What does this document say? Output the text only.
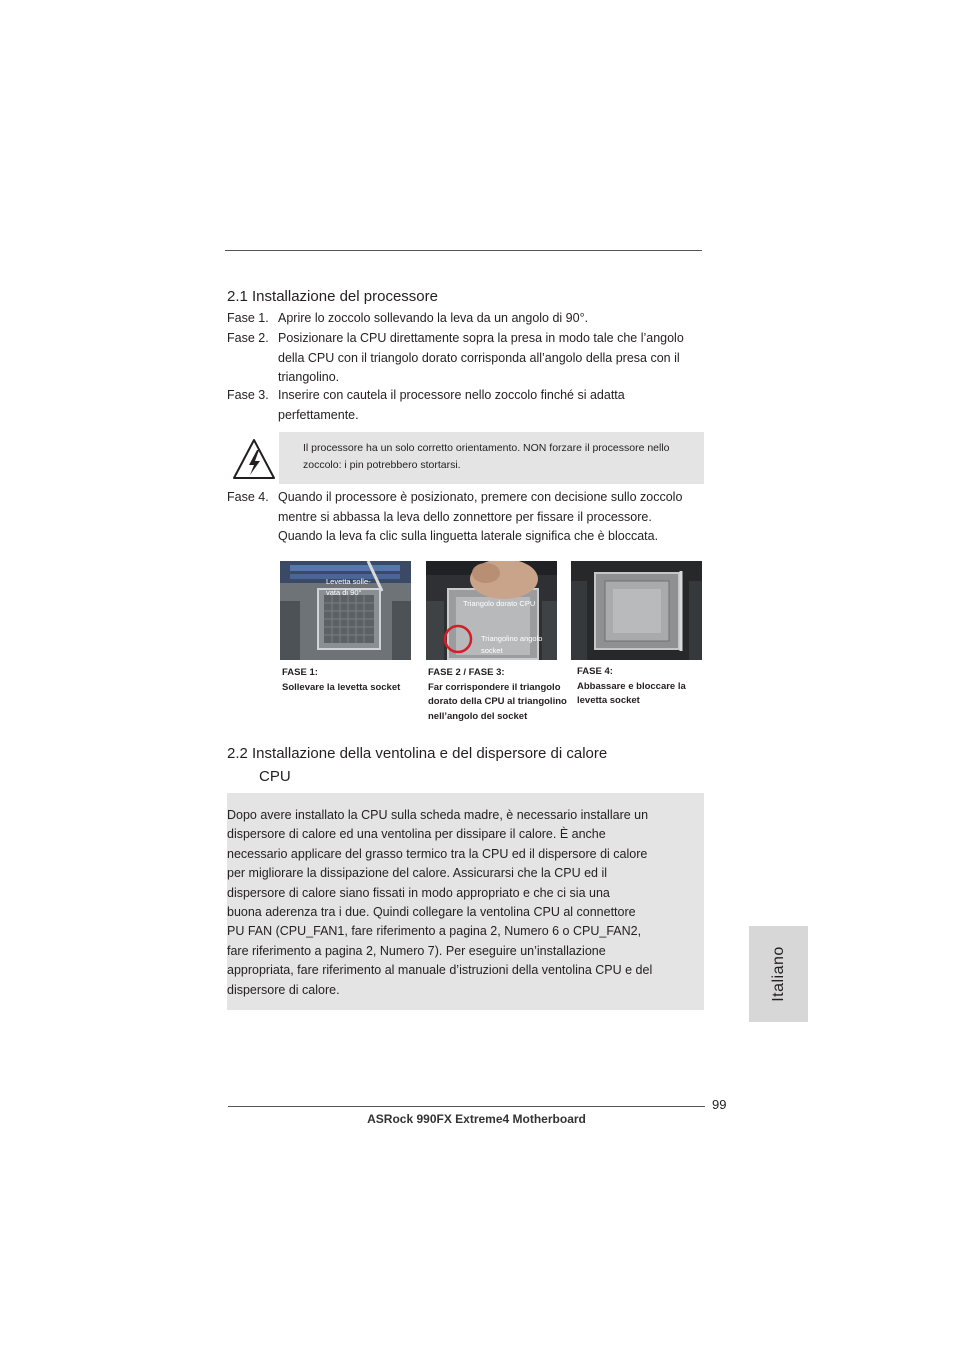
2.1 Installazione del processore
Fase 1. Aprire lo zoccolo sollevando la leva da un angolo di 90°.
Fase 2. Posizionare la CPU direttamente sopra la presa in modo tale che l’angolo della CPU con il triangolo dorato corrisponda all’angolo della presa con il triangolino.
Fase 3. Inserire con cautela il processore nello zoccolo finché si adatta perfettamente.
Il processore ha un solo corretto orientamento. NON forzare il processore nello zoccolo: i pin potrebbero stortarsi.
Fase 4. Quando il processore è posizionato, premere con decisione sullo zoccolo mentre si abbassa la leva dello zonnettore per fissare il processore. Quando la leva fa clic sulla linguetta laterale significa che è bloccata.
Levetta solle-
vata di 90°
FASE 1:
Sollevare la levetta socket
Triangolo dorato CPU
Triangolino angolo
socket
FASE 2 / FASE 3:
Far corrispondere il triangolo
dorato della CPU al triangolino
nell’angolo del socket
FASE 4:
Abbassare e bloccare la
levetta socket
2.2 Installazione della ventolina e del dispersore di calore
CPU
Dopo avere installato la CPU sulla scheda madre, è necessario installare un
dispersore di calore ed una ventolina per dissipare il calore. È anche
necessario applicare del grasso termico tra la CPU ed il dispersore di calore
per migliorare la dissipazione del calore. Assicurarsi che la CPU ed il
dispersore di calore siano fissati in modo appropriato e che ci sia una
buona aderenza tra i due. Quindi collegare la ventolina CPU al connettore
PU FAN (CPU_FAN1, fare riferimento a pagina 2, Numero 6 o CPU_FAN2,
fare riferimento a pagina 2, Numero 7). Per eseguire un’installazione
appropriata, fare riferimento al manuale d’istruzioni della ventolina CPU e del
dispersore di calore.	Italiano
99
ASRock 990FX Extreme4 Motherboard
